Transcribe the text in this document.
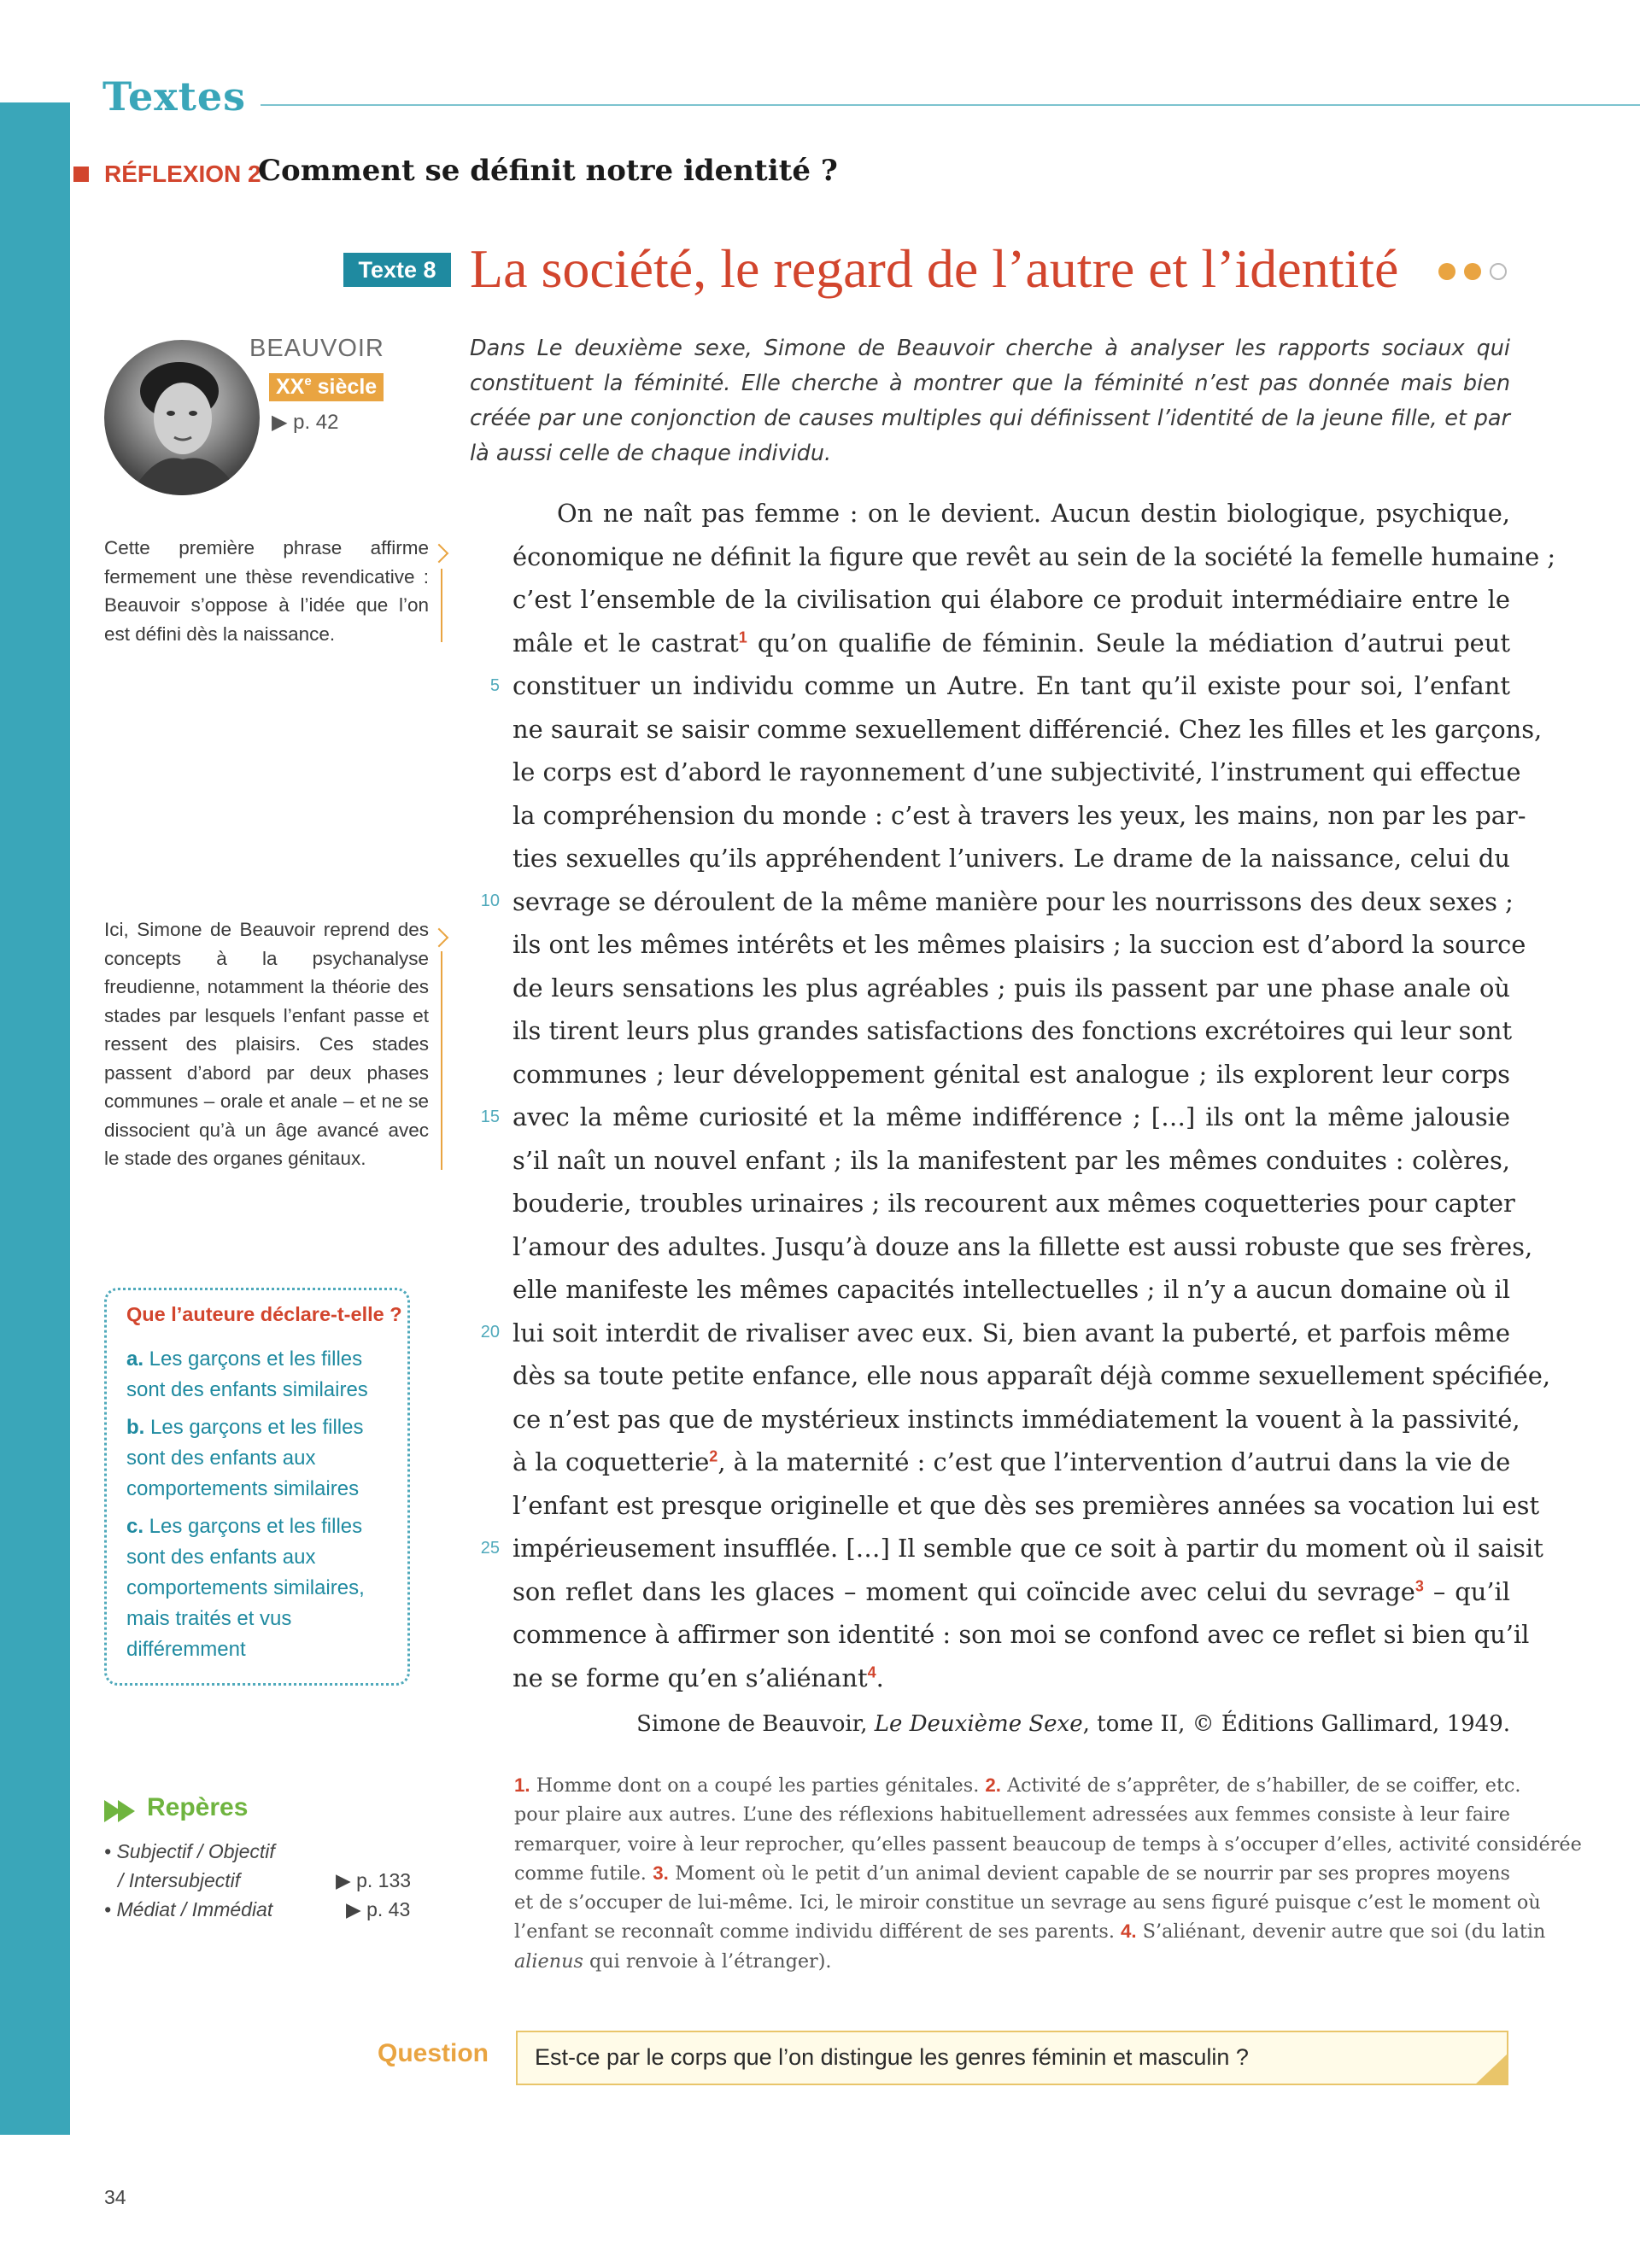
Textes
RÉFLEXION 2
Comment se définit notre identité ?
Texte 8 La société, le regard de l’autre et l’identité
BEAUVOIR
XXe siècle
▶ p. 42

Dans Le deuxième sexe, Simone de Beauvoir cherche à analyser les rapports sociaux qui constituent la féminité. Elle cherche à montrer que la féminité n’est pas donnée mais bien créée par une conjonction de causes multiples qui définissent l’identité de la jeune fille, et par là aussi celle de chaque individu.

On ne naît pas femme : on le devient. Aucun destin biologique, psychique,
économique ne définit la figure que revêt au sein de la société la femelle humaine ;
c’est l’ensemble de la civilisation qui élabore ce produit intermédiaire entre le
mâle et le castrat$^1$ qu’on qualifie de féminin. Seule la médiation d’autrui peut
constituer un individu comme un Autre. En tant qu’il existe pour soi, l’enfant
ne saurait se saisir comme sexuellement différencié. Chez les filles et les garçons,
le corps est d’abord le rayonnement d’une subjectivité, l’instrument qui effectue
la compréhension du monde : c’est à travers les yeux, les mains, non par les par-
ties sexuelles qu’ils appréhendent l’univers. Le drame de la naissance, celui du
sevrage se déroulent de la même manière pour les nourrissons des deux sexes ;
ils ont les mêmes intérêts et les mêmes plaisirs ; la succion est d’abord la source
de leurs sensations les plus agréables ; puis ils passent par une phase anale où
ils tirent leurs plus grandes satisfactions des fonctions excrétoires qui leur sont
communes ; leur développement génital est analogue ; ils explorent leur corps
avec la même curiosité et la même indifférence ; […] ils ont la même jalousie
s’il naît un nouvel enfant ; ils la manifestent par les mêmes conduites : colères,
bouderie, troubles urinaires ; ils recourent aux mêmes coquetteries pour capter
l’amour des adultes. Jusqu’à douze ans la fillette est aussi robuste que ses frères,
elle manifeste les mêmes capacités intellectuelles ; il n’y a aucun domaine où il
lui soit interdit de rivaliser avec eux. Si, bien avant la puberté, et parfois même
dès sa toute petite enfance, elle nous apparaît déjà comme sexuellement spécifiée,
ce n’est pas que de mystérieux instincts immédiatement la vouent à la passivité,
à la coquetterie$^2$, à la maternité : c’est que l’intervention d’autrui dans la vie de
l’enfant est presque originelle et que dès ses premières années sa vocation lui est
impérieusement insufflée. […] Il semble que ce soit à partir du moment où il saisit
son reflet dans les glaces – moment qui coïncide avec celui du sevrage$^3$ – qu’il
commence à affirmer son identité : son moi se confond avec ce reflet si bien qu’il
ne se forme qu’en s’aliénant$^4$.
5
10
15
20
25

Cette première phrase affirme fermement une thèse revendicative : Beauvoir s’oppose à l’idée que l’on est défini dès la naissance.

Ici, Simone de Beauvoir reprend des concepts à la psychanalyse freudienne, notamment la théorie des stades par lesquels l’enfant passe et ressent des plaisirs. Ces stades passent d’abord par deux phases communes – orale et anale – et ne se dissocient qu’à un âge avancé avec le stade des organes génitaux.

Que l’auteure déclare-t-elle ?

a. Les garçons et les filles sont des enfants similaires

b. Les garçons et les filles sont des enfants aux comportements similaires

c. Les garçons et les filles sont des enfants aux comportements similaires, mais traités et vus différemment

Repères
• Subjectif / Objectif
/ Intersubjectif	▶ p. 133
• Médiat / Immédiat	▶ p. 43
Simone de Beauvoir, Le Deuxième Sexe, tome II, © Éditions Gallimard, 1949.
1. Homme dont on a coupé les parties génitales. 2. Activité de s’apprêter, de s’habiller, de se coiffer, etc.
pour plaire aux autres. L’une des réflexions habituellement adressées aux femmes consiste à leur faire
remarquer, voire à leur reprocher, qu’elles passent beaucoup de temps à s’occuper d’elles, activité considérée
comme futile. 3. Moment où le petit d’un animal devient capable de se nourrir par ses propres moyens
et de s’occuper de lui-même. Ici, le miroir constitue un sevrage au sens figuré puisque c’est le moment où
l’enfant se reconnaît comme individu différent de ses parents. 4. S’aliénant, devenir autre que soi (du latin
alienus qui renvoie à l’étranger).
Question Est-ce par le corps que l’on distingue les genres féminin et masculin ?
34
